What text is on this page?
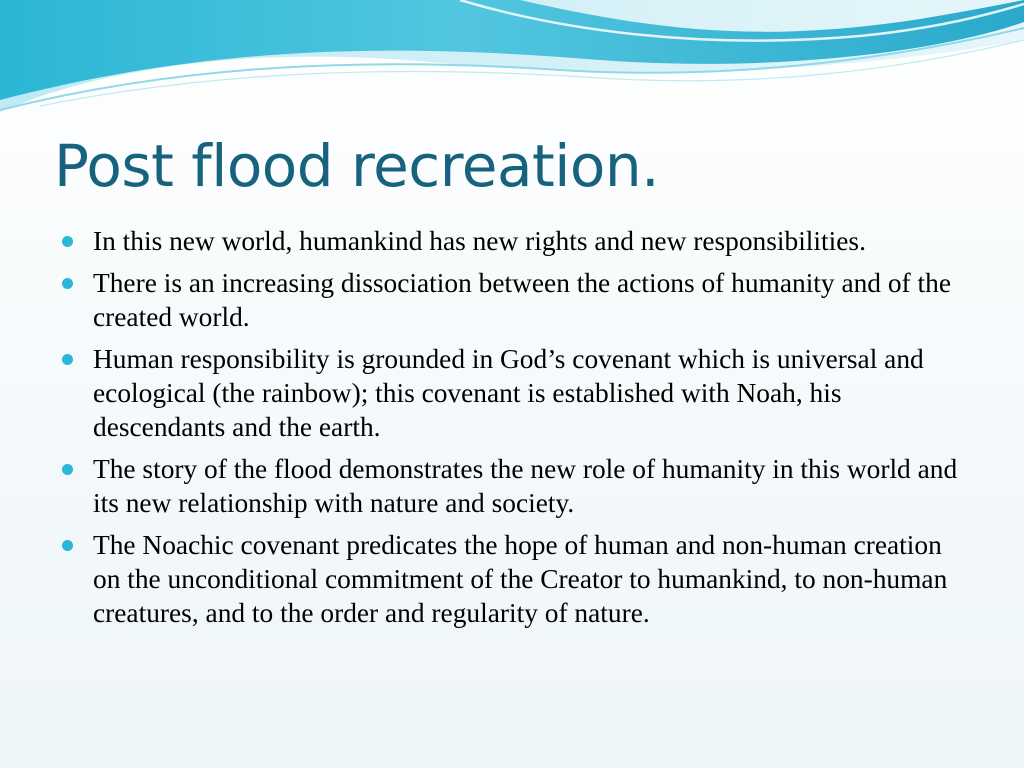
Post flood recreation.
In this new world, humankind has new rights and new responsibilities.
There is an increasing dissociation between the actions of humanity and of the created world.
Human responsibility is grounded in God’s covenant which is universal and ecological (the rainbow); this covenant is established with Noah, his descendants and the earth.
The story of the flood demonstrates the new role of humanity in this world and its new relationship with nature and society.
The Noachic covenant predicates the hope of human and non-human creation on the unconditional commitment of the Creator to humankind, to non-human creatures, and to the order and regularity of nature.
